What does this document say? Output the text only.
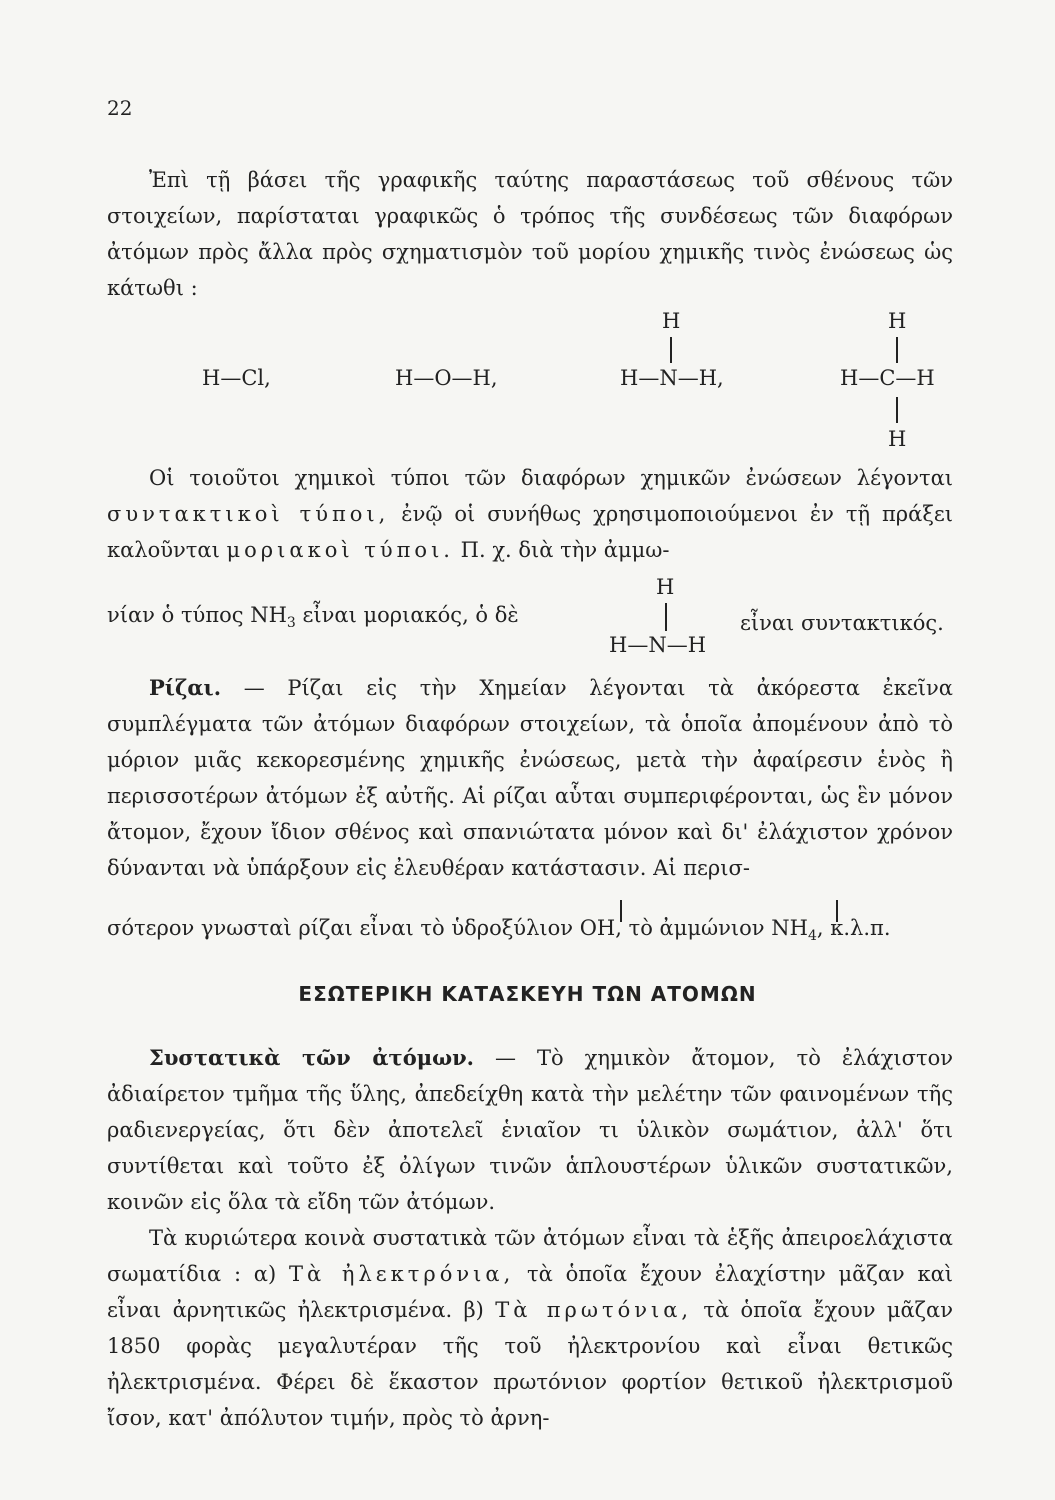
22
Ἐπὶ τῇ βάσει τῆς γραφικῆς ταύτης παραστάσεως τοῦ σθένους τῶν στοιχείων, παρίσταται γραφικῶς ὁ τρόπος τῆς συνδέσεως τῶν διαφόρων ἀτόμων πρὸς ἄλλα πρὸς σχηματισμὸν τοῦ μορίου χημικῆς τινὸς ἐνώσεως ὡς κάτωθι :
H—Cl,	H—O—H,
H
H—N—H,
H
H—C—H
H
Οἱ τοιοῦτοι χημικοὶ τύποι τῶν διαφόρων χημικῶν ἐνώσεων λέγονται συντακτικοὶ τύποι, ἐνῷ οἱ συνήθως χρησιμοποιούμενοι ἐν τῇ πράξει καλοῦνται μοριακοὶ τύποι. Π. χ. διὰ τὴν ἀμμω-
νίαν ὁ τύπος $NH_3$ εἶναι μοριακός, ὁ δὲ
H
H—N—H
εἶναι συντακτικός.
Ρίζαι. — Ρίζαι εἰς τὴν Χημείαν λέγονται τὰ ἀκόρεστα ἐκεῖνα συμπλέγματα τῶν ἀτόμων διαφόρων στοιχείων, τὰ ὁποῖα ἀπομένουν ἀπὸ τὸ μόριον μιᾶς κεκορεσμένης χημικῆς ἐνώσεως, μετὰ τὴν ἀφαίρεσιν ἑνὸς ἢ περισσοτέρων ἀτόμων ἐξ αὐτῆς. Αἱ ρίζαι αὗται συμπεριφέρονται, ὡς ἓν μόνον ἄτομον, ἔχουν ἴδιον σθένος καὶ σπανιώτατα μόνον καὶ δι' ἐλάχιστον χρόνον δύνανται νὰ ὑπάρξουν εἰς ἐλευθέραν κατάστασιν. Αἱ περισ-
σότερον γνωσταὶ ρίζαι εἶναι τὸ ὑδροξύλιον OH, τὸ ἀμμώνιον $NH_4$, κ.λ.π.
ΕΣΩΤΕΡΙΚΗ ΚΑΤΑΣΚΕΥΗ ΤΩΝ ΑΤΟΜΩΝ
Συστατικὰ τῶν ἀτόμων. — Τὸ χημικὸν ἄτομον, τὸ ἐλάχιστον ἀδιαίρετον τμῆμα τῆς ὕλης, ἀπεδείχθη κατὰ τὴν μελέτην τῶν φαινομένων τῆς ραδιενεργείας, ὅτι δὲν ἀποτελεῖ ἑνιαῖον τι ὑλικὸν σωμάτιον, ἀλλ' ὅτι συντίθεται καὶ τοῦτο ἐξ ὀλίγων τινῶν ἁπλουστέρων ὑλικῶν συστατικῶν, κοινῶν εἰς ὅλα τὰ εἴδη τῶν ἀτόμων.
Τὰ κυριώτερα κοινὰ συστατικὰ τῶν ἀτόμων εἶναι τὰ ἑξῆς ἀπειροελάχιστα σωματίδια : α) Τὰ ἠλεκτρόνια, τὰ ὁποῖα ἔχουν ἐλαχίστην μᾶζαν καὶ εἶναι ἀρνητικῶς ἠλεκτρισμένα. β) Τὰ πρωτόνια, τὰ ὁποῖα ἔχουν μᾶζαν 1850 φορὰς μεγαλυτέραν τῆς τοῦ ἠλεκτρονίου καὶ εἶναι θετικῶς ἠλεκτρισμένα. Φέρει δὲ ἕκαστον πρωτόνιον φορτίον θετικοῦ ἠλεκτρισμοῦ ἴσον, κατ' ἀπόλυτον τιμήν, πρὸς τὸ ἀρνη-
